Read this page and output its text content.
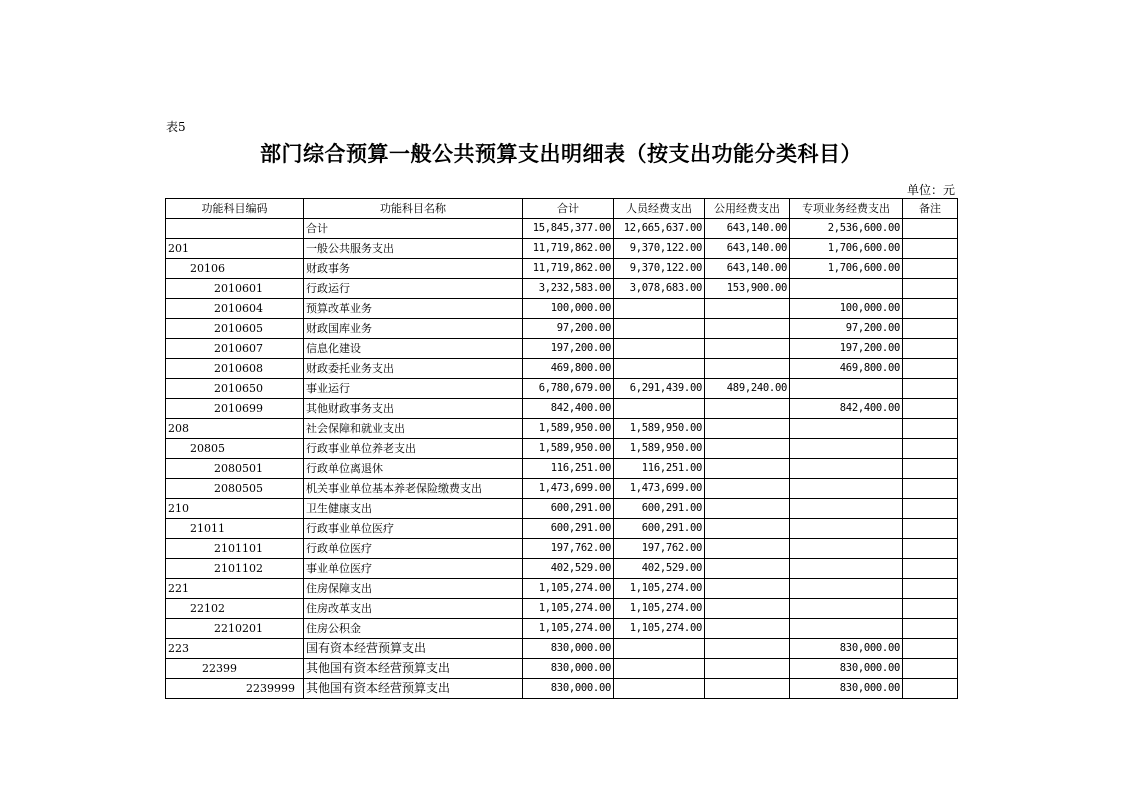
表5
部门综合预算一般公共预算支出明细表（按支出功能分类科目）
单位：元
功能科目编码	功能科目名称	合计	人员经费支出	公用经费支出	专项业务经费支出	备注
	合计	15,845,377.00	12,665,637.00	643,140.00	2,536,600.00	
201	一般公共服务支出	11,719,862.00	9,370,122.00	643,140.00	1,706,600.00	
20106	财政事务	11,719,862.00	9,370,122.00	643,140.00	1,706,600.00	
2010601	行政运行	3,232,583.00	3,078,683.00	153,900.00		
2010604	预算改革业务	100,000.00			100,000.00	
2010605	财政国库业务	97,200.00			97,200.00	
2010607	信息化建设	197,200.00			197,200.00	
2010608	财政委托业务支出	469,800.00			469,800.00	
2010650	事业运行	6,780,679.00	6,291,439.00	489,240.00		
2010699	其他财政事务支出	842,400.00			842,400.00	
208	社会保障和就业支出	1,589,950.00	1,589,950.00			
20805	行政事业单位养老支出	1,589,950.00	1,589,950.00			
2080501	行政单位离退休	116,251.00	116,251.00			
2080505	机关事业单位基本养老保险缴费支出	1,473,699.00	1,473,699.00			
210	卫生健康支出	600,291.00	600,291.00			
21011	行政事业单位医疗	600,291.00	600,291.00			
2101101	行政单位医疗	197,762.00	197,762.00			
2101102	事业单位医疗	402,529.00	402,529.00			
221	住房保障支出	1,105,274.00	1,105,274.00			
22102	住房改革支出	1,105,274.00	1,105,274.00			
2210201	住房公积金	1,105,274.00	1,105,274.00			
223	国有资本经营预算支出	830,000.00			830,000.00	
22399	其他国有资本经营预算支出	830,000.00			830,000.00	
2239999	其他国有资本经营预算支出	830,000.00			830,000.00	
